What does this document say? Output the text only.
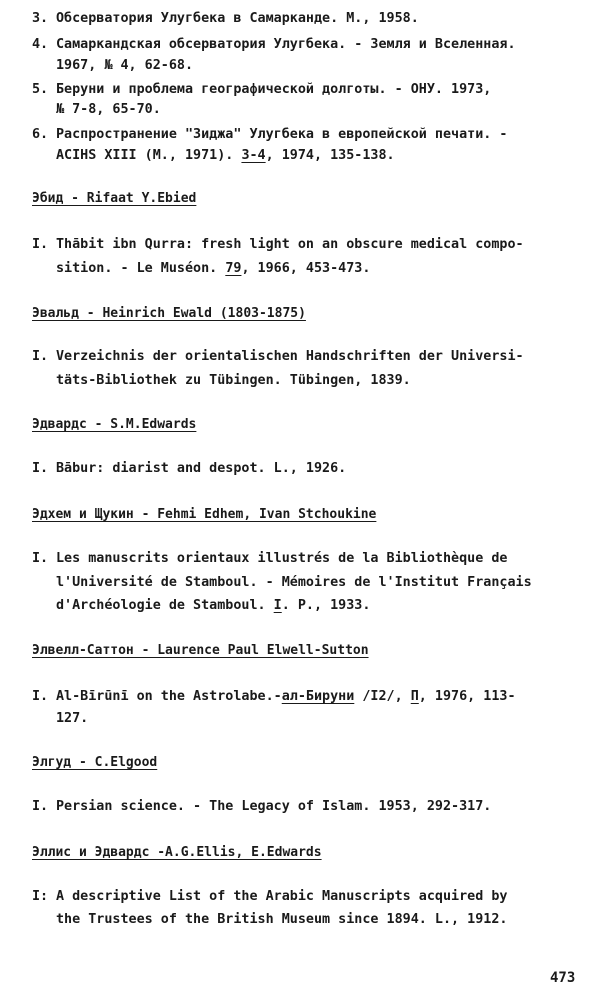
3. Обсерватория Улугбека в Самарканде. М., 1958.
4. Самаркандская обсерватория Улугбека. - Земля и Вселенная.
1967, № 4, 62-68.
5. Беруни и проблема географической долготы. - ОНУ. 1973,
№ 7-8, 65-70.
6. Распространение "Зиджа" Улугбека в европейской печати. -
ACIHS XIII (М., 1971). 3-4, 1974, 135-138.
Эбид - Rifaat Y.Ebied
I. Thābit ibn Qurra: fresh light on an obscure medical compo-
sition. - Le Muséon. 79, 1966, 453-473.
Эвальд - Heinrich Ewald (1803-1875)
I. Verzeichnis der orientalischen Handschriften der Universi-
täts-Bibliothek zu Tübingen. Tübingen, 1839.
Эдвардс - S.M.Edwards
I. Bābur: diarist and despot. L., 1926.
Эдхем и Щукин - Fehmi Edhem, Ivan Stchoukine
I. Les manuscrits orientaux illustrés de la Bibliothèque de
l'Université de Stamboul. - Mémoires de l'Institut Français
d'Archéologie de Stamboul. I. P., 1933.
Элвелл-Саттон - Laurence Paul Elwell-Sutton
I. Al-Bīrūnī on the Astrolabe.-ал-Бируни /I2/, П, 1976, 113-
127.
Элгуд - C.Elgood
I. Persian science. - The Legacy of Islam. 1953, 292-317.
Эллис и Эдвардс -A.G.Ellis, E.Edwards
I: A descriptive List of the Arabic Manuscripts acquired by
the Trustees of the British Museum since 1894. L., 1912.
473
